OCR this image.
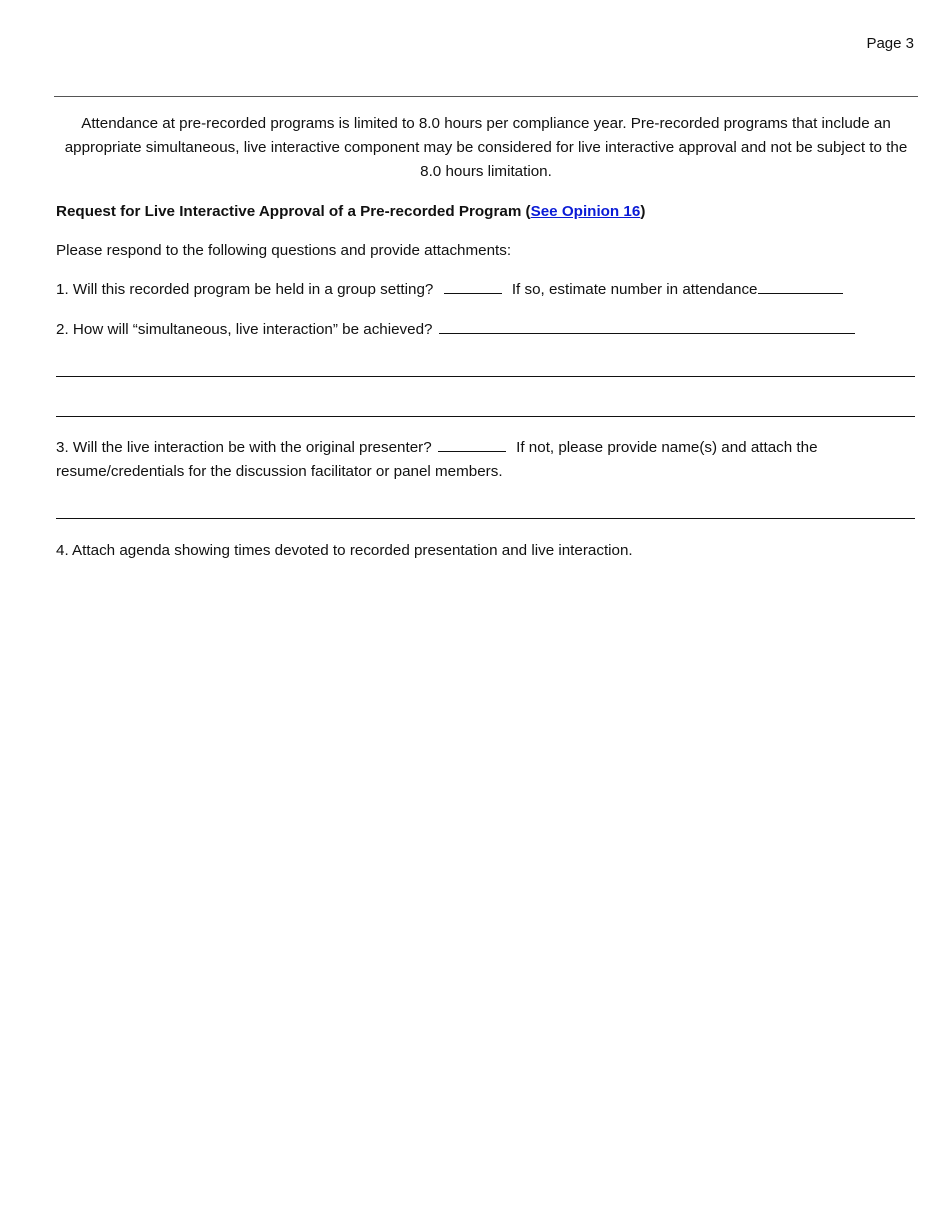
Page 3
Attendance at pre-recorded programs is limited to 8.0 hours per compliance year. Pre-recorded programs that include an appropriate simultaneous, live interactive component may be considered for live interactive approval and not be subject to the 8.0 hours limitation.
Request for Live Interactive Approval of a Pre-recorded Program (See Opinion 16)
Please respond to the following questions and provide attachments:
1. Will this recorded program be held in a group setting?	If so, estimate number in attendance
2. How will “simultaneous, live interaction” be achieved?
3. Will the live interaction be with the original presenter?	If not, please provide name(s) and attach the resume/credentials for the discussion facilitator or panel members.
4. Attach agenda showing times devoted to recorded presentation and live interaction.
